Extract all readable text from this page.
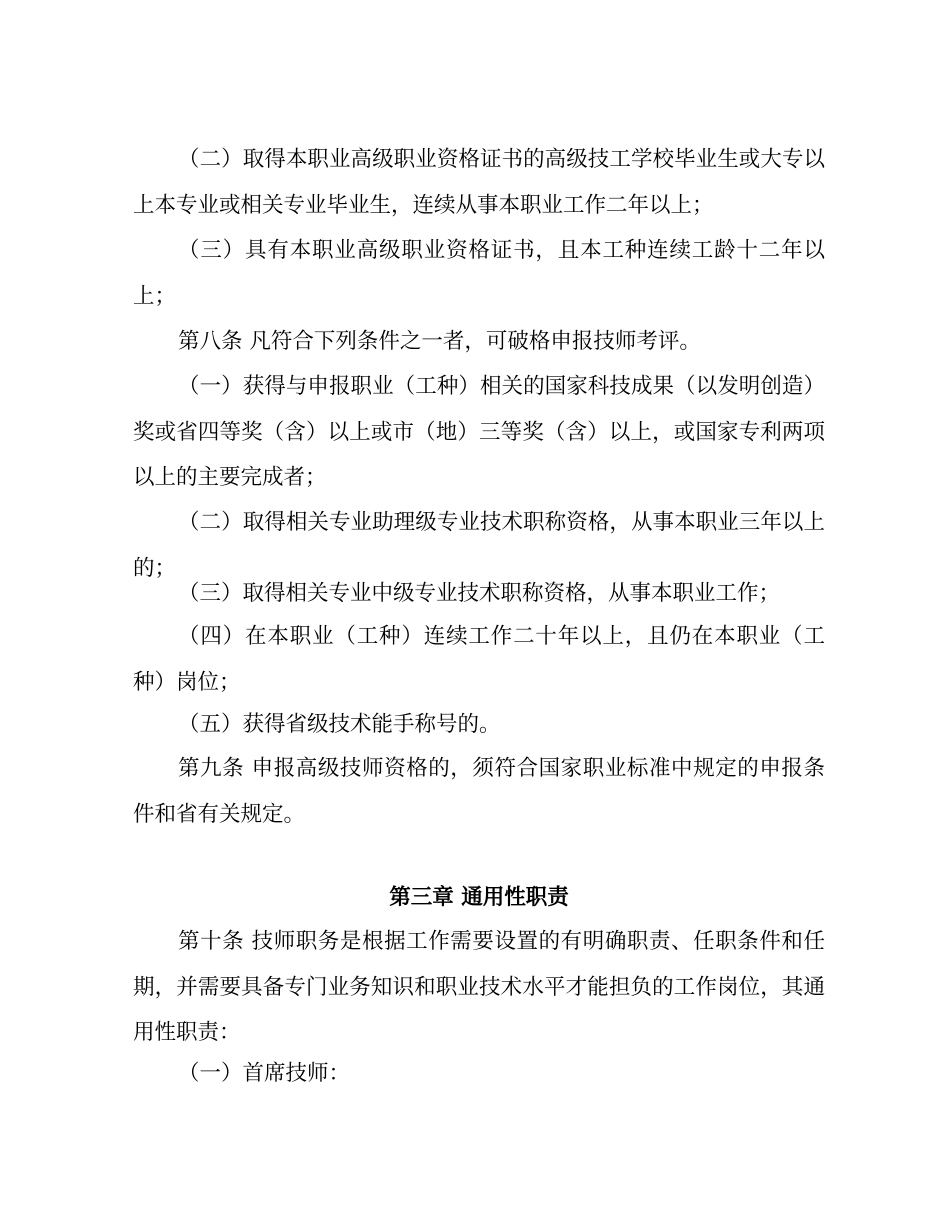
（二）取得本职业高级职业资格证书的高级技工学校毕业生或大专以上本专业或相关专业毕业生，连续从事本职业工作二年以上；

（三）具有本职业高级职业资格证书，且本工种连续工龄十二年以上；

第八条 凡符合下列条件之一者，可破格申报技师考评。

（一）获得与申报职业（工种）相关的国家科技成果（以发明创造）奖或省四等奖（含）以上或市（地）三等奖（含）以上，或国家专利两项以上的主要完成者；

（二）取得相关专业助理级专业技术职称资格，从事本职业三年以上的；

（三）取得相关专业中级专业技术职称资格，从事本职业工作；

（四）在本职业（工种）连续工作二十年以上，且仍在本职业（工种）岗位；

（五）获得省级技术能手称号的。

第九条 申报高级技师资格的，须符合国家职业标准中规定的申报条件和省有关规定。

第三章 通用性职责

第十条 技师职务是根据工作需要设置的有明确职责、任职条件和任期，并需要具备专门业务知识和职业技术水平才能担负的工作岗位，其通用性职责：

（一）首席技师：
